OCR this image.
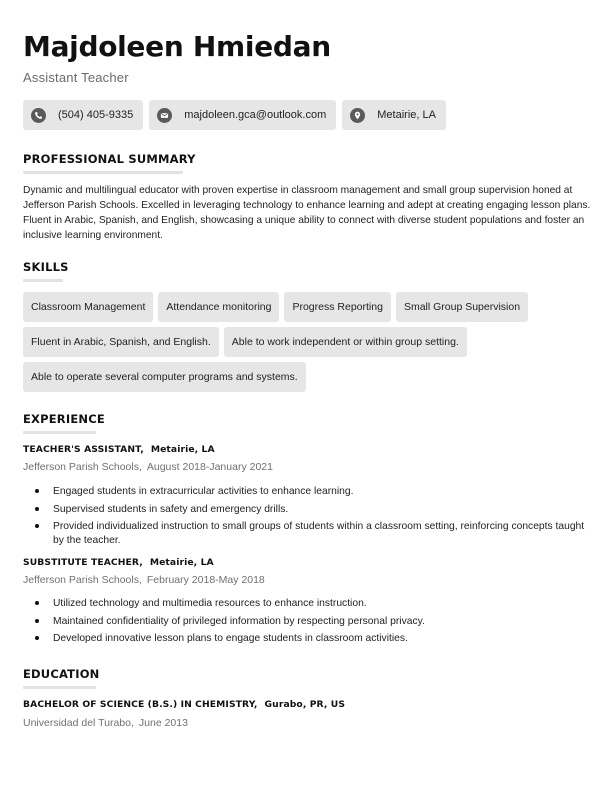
Majdoleen Hmiedan
Assistant Teacher
(504) 405-9335	majdoleen.gca@outlook.com	Metairie, LA
PROFESSIONAL SUMMARY
Dynamic and multilingual educator with proven expertise in classroom management and small group supervision honed at Jefferson Parish Schools. Excelled in leveraging technology to enhance learning and adept at creating engaging lesson plans. Fluent in Arabic, Spanish, and English, showcasing a unique ability to connect with diverse student populations and foster an inclusive learning environment.
SKILLS
Classroom Management	Attendance monitoring	Progress Reporting	Small Group Supervision
Fluent in Arabic, Spanish, and English.	Able to work independent or within group setting.
Able to operate several computer programs and systems.
EXPERIENCE
TEACHER'S ASSISTANT, Metairie, LA
Jefferson Parish Schools, August 2018-January 2021
Engaged students in extracurricular activities to enhance learning.
Supervised students in safety and emergency drills.
Provided individualized instruction to small groups of students within a classroom setting, reinforcing concepts taught by the teacher.
SUBSTITUTE TEACHER, Metairie, LA
Jefferson Parish Schools, February 2018-May 2018
Utilized technology and multimedia resources to enhance instruction.
Maintained confidentiality of privileged information by respecting personal privacy.
Developed innovative lesson plans to engage students in classroom activities.
EDUCATION
BACHELOR OF SCIENCE (B.S.) IN CHEMISTRY, Gurabo, PR, US
Universidad del Turabo, June 2013
